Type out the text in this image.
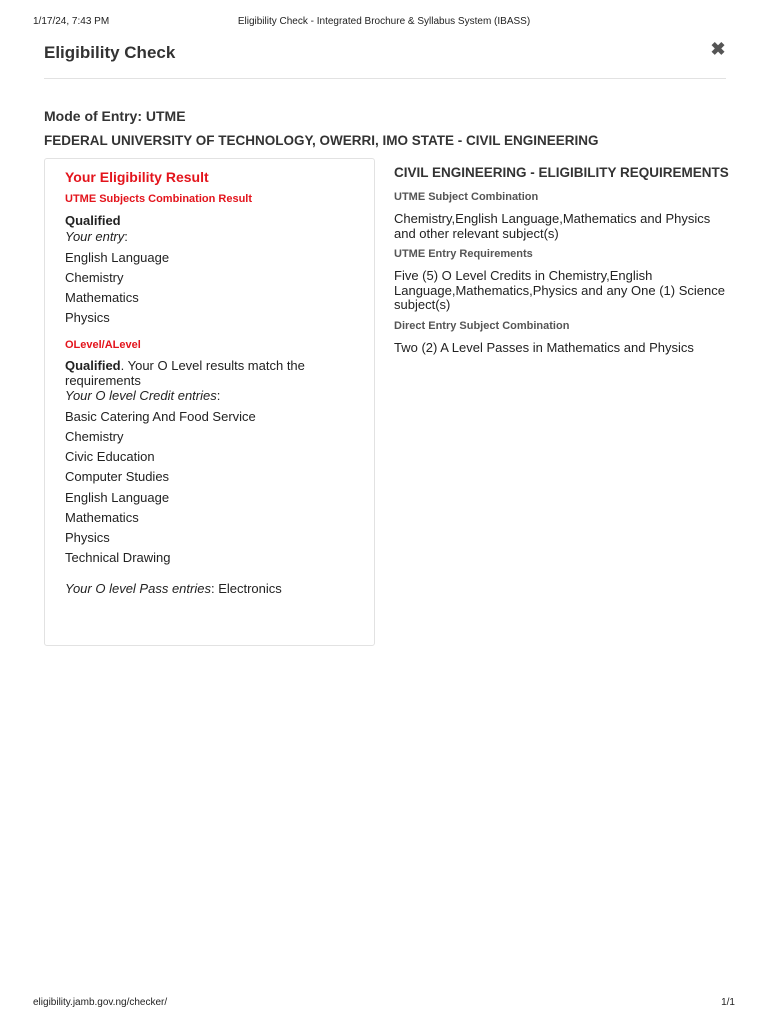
1/17/24, 7:43 PM	Eligibility Check - Integrated Brochure & Syllabus System (IBASS)
Eligibility Check	✖
Mode of Entry: UTME
FEDERAL UNIVERSITY OF TECHNOLOGY, OWERRI, IMO STATE - CIVIL ENGINEERING
Your Eligibility Result
UTME Subjects Combination Result
Qualified
Your entry:
English Language
Chemistry
Mathematics
Physics
OLevel/ALevel
Qualified. Your O Level results match the requirements
Your O level Credit entries:
Basic Catering And Food Service
Chemistry
Civic Education
Computer Studies
English Language
Mathematics
Physics
Technical Drawing
Your O level Pass entries: Electronics
CIVIL ENGINEERING - ELIGIBILITY REQUIREMENTS
UTME Subject Combination
Chemistry,English Language,Mathematics and Physics and other relevant subject(s)
UTME Entry Requirements
Five (5) O Level Credits in Chemistry,English Language,Mathematics,Physics and any One (1) Science subject(s)
Direct Entry Subject Combination
Two (2) A Level Passes in Mathematics and Physics
eligibility.jamb.gov.ng/checker/	1/1
